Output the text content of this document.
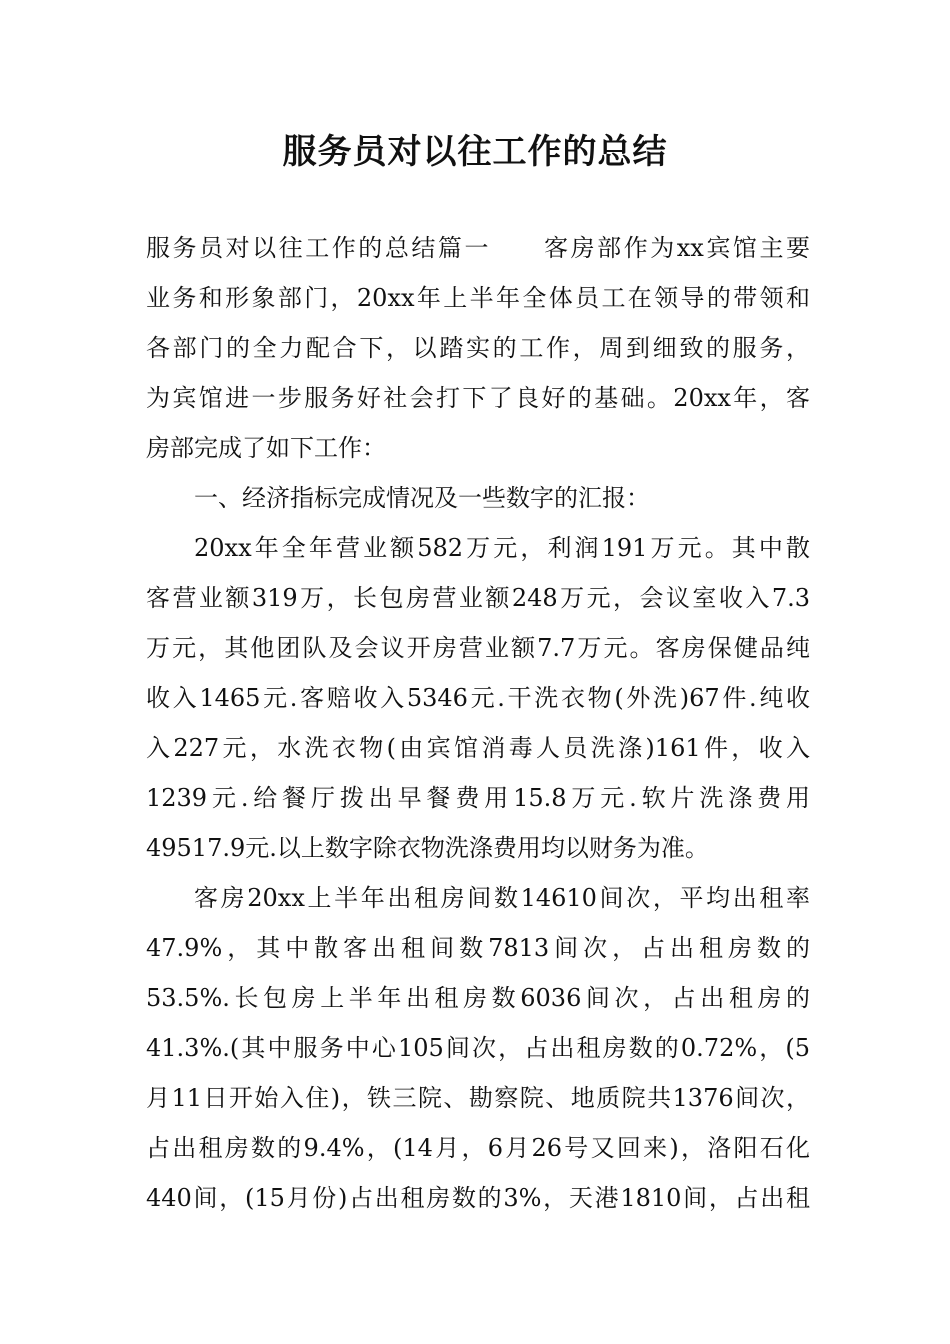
服务员对以往工作的总结
服务员对以往工作的总结篇一　　客房部作为xx宾馆主要
业务和形象部门，20xx年上半年全体员工在领导的带领和
各部门的全力配合下，以踏实的工作，周到细致的服务，
为宾馆进一步服务好社会打下了良好的基础。20xx年，客
房部完成了如下工作：
一、经济指标完成情况及一些数字的汇报：
20xx年全年营业额582万元，利润191万元。其中散
客营业额319万，长包房营业额248万元，会议室收入7.3
万元，其他团队及会议开房营业额7.7万元。客房保健品纯
收入1465元.客赔收入5346元.干洗衣物(外洗)67件.纯收
入227元，水洗衣物(由宾馆消毒人员洗涤)161件，收入
1239元.给餐厅拨出早餐费用15.8万元.软片洗涤费用
49517.9元.以上数字除衣物洗涤费用均以财务为准。
客房20xx上半年出租房间数14610间次，平均出租率
47.9%，其中散客出租间数7813间次，占出租房数的
53.5%.长包房上半年出租房数6036间次，占出租房的
41.3%.(其中服务中心105间次，占出租房数的0.72%，(5
月11日开始入住)，铁三院、勘察院、地质院共1376间次，
占出租房数的9.4%，(14月，6月26号又回来)，洛阳石化
440间，(15月份)占出租房数的3%，天港1810间，占出租
